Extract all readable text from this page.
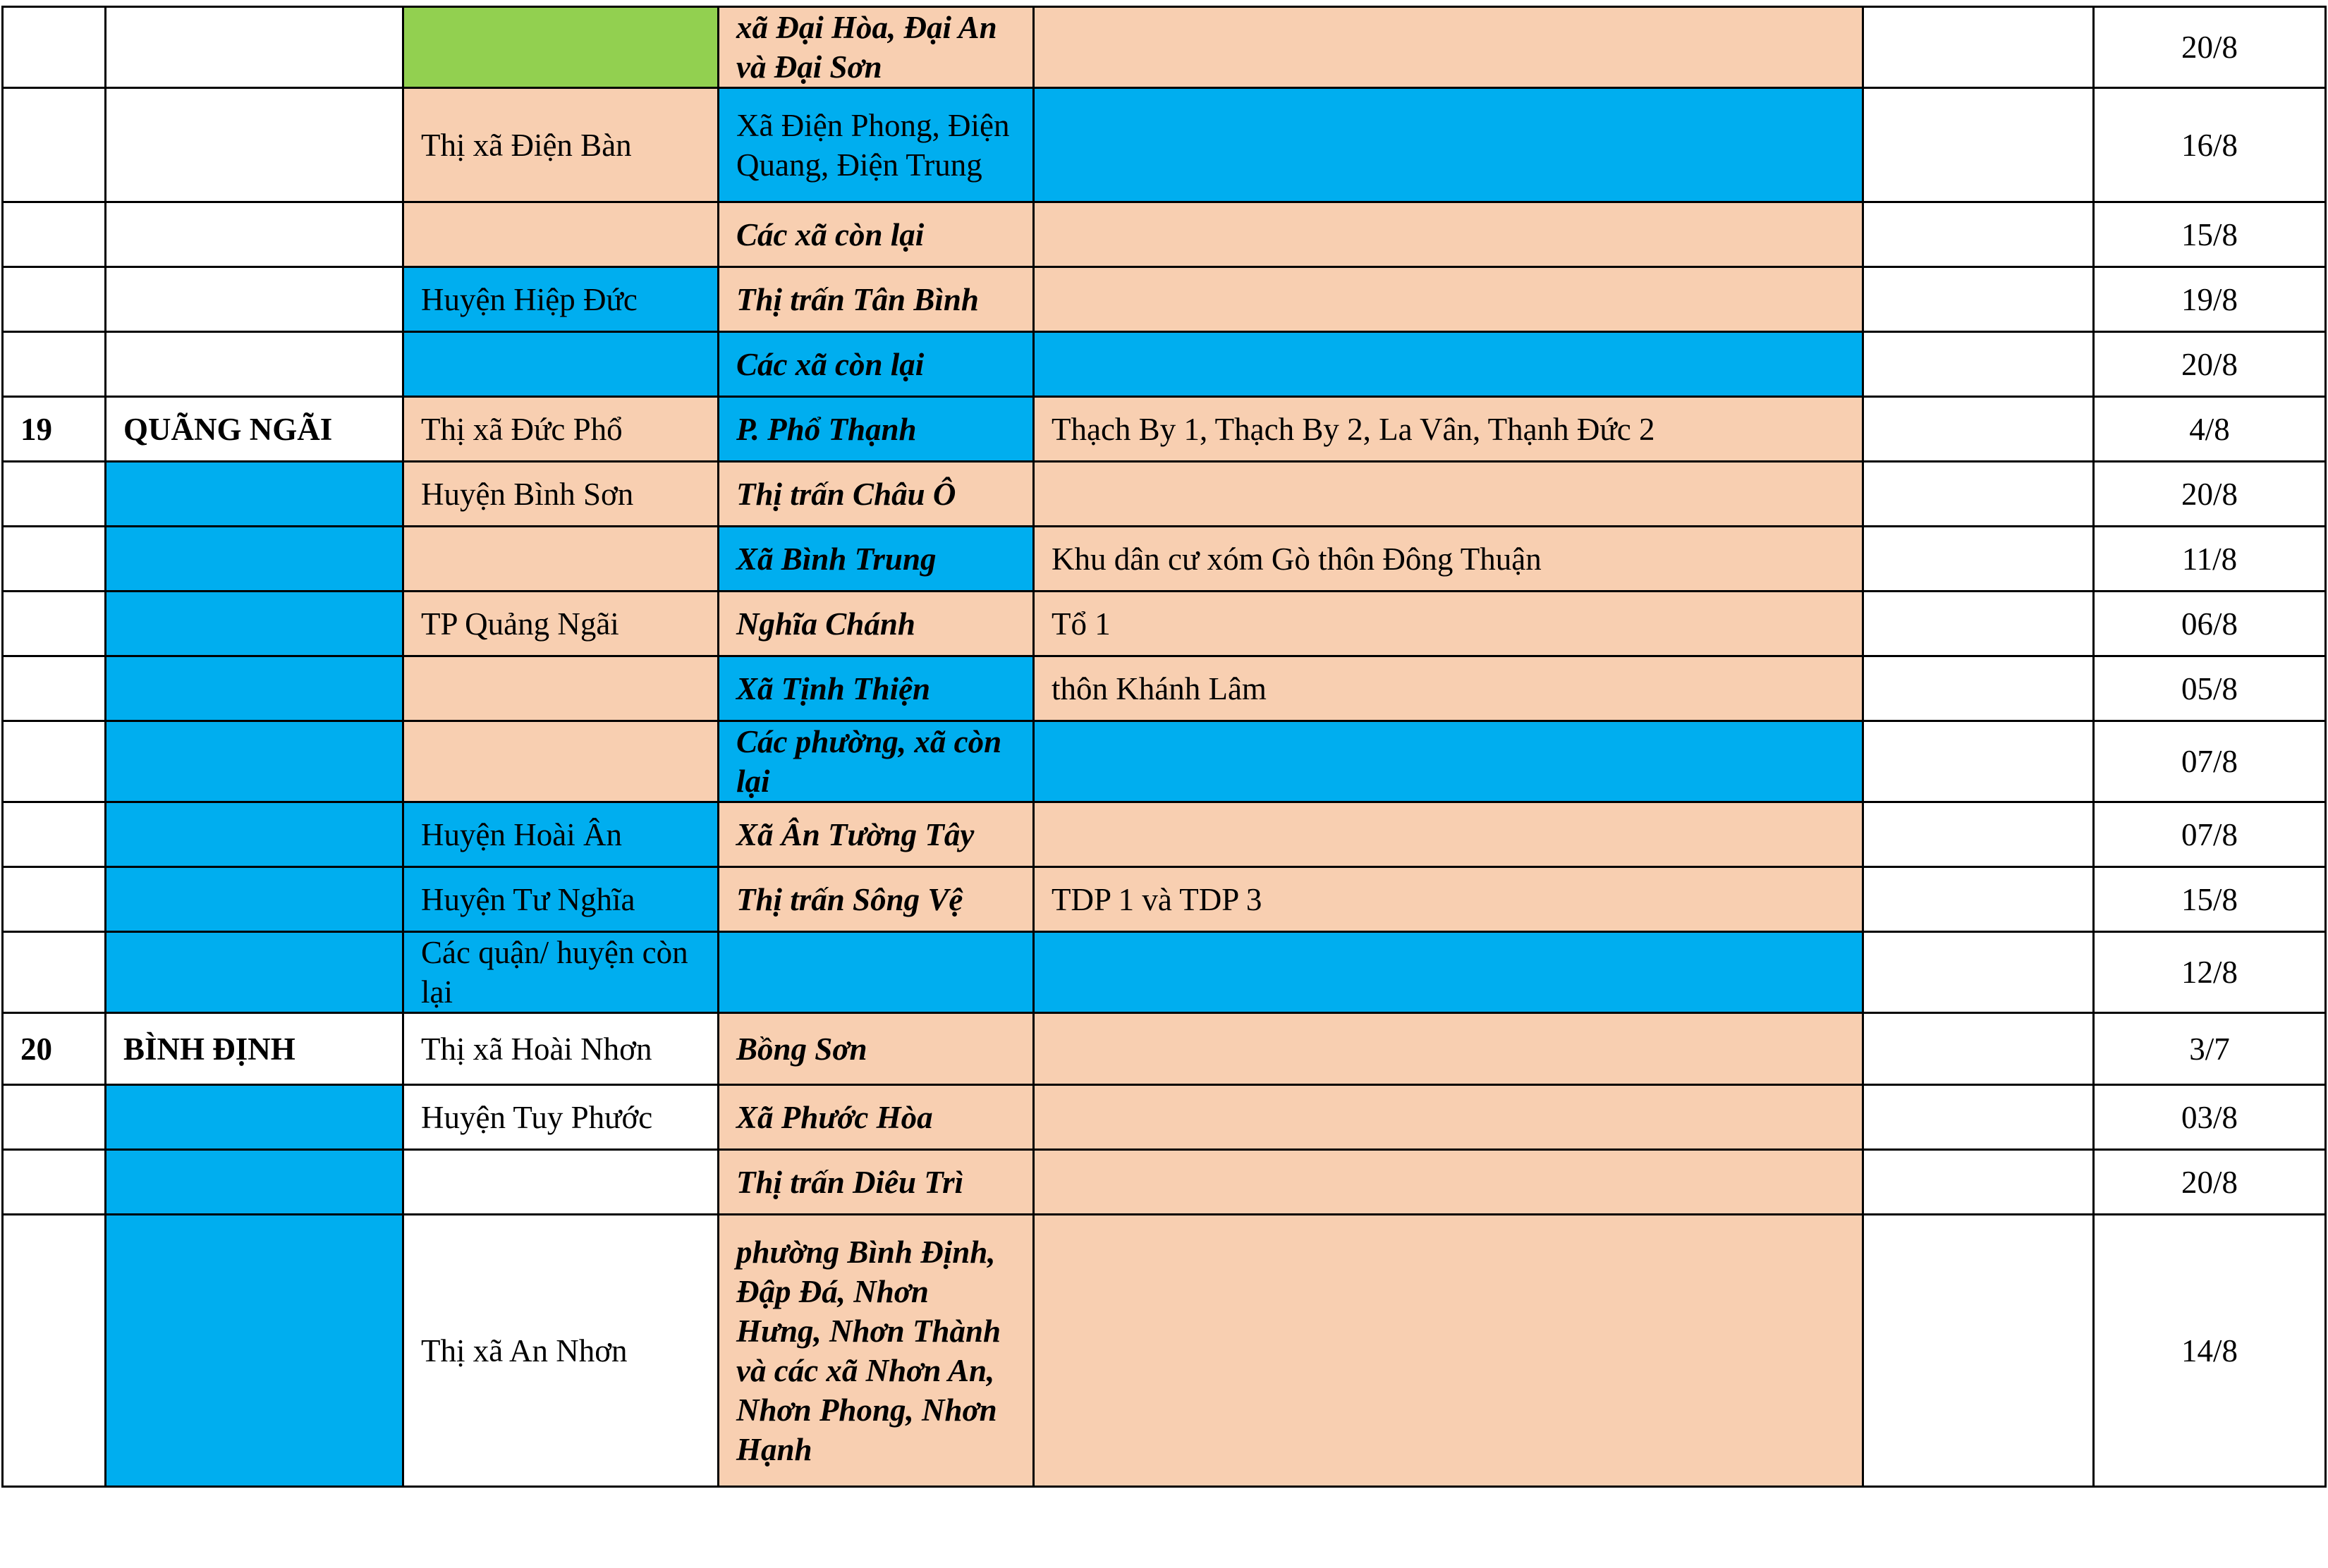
			xã Đại Hòa, Đại An và Đại Sơn			20/8
		Thị xã Điện Bàn	Xã Điện Phong, Điện Quang, Điện Trung			16/8
			Các xã còn lại			15/8
		Huyện Hiệp Đức	Thị trấn Tân Bình			19/8
			Các xã còn lại			20/8
19	QUÃNG NGÃI	Thị xã Đức Phổ	P. Phổ Thạnh	Thạch By 1, Thạch By 2, La Vân, Thạnh Đức 2		4/8
		Huyện Bình Sơn	Thị trấn Châu Ô			20/8
			Xã Bình Trung	Khu dân cư xóm Gò thôn Đông Thuận		11/8
		TP Quảng Ngãi	Nghĩa Chánh	Tổ 1		06/8
			Xã Tịnh Thiện	thôn Khánh Lâm		05/8
			Các phường, xã còn lại			07/8
		Huyện Hoài Ân	Xã Ân Tường Tây			07/8
		Huyện Tư Nghĩa	Thị trấn Sông Vệ	TDP 1 và TDP 3		15/8
		Các quận/ huyện còn lại				12/8
20	BÌNH ĐỊNH	Thị xã Hoài Nhơn	Bồng Sơn			3/7
		Huyện Tuy Phước	Xã Phước Hòa			03/8
			Thị trấn Diêu Trì			20/8
		Thị xã An Nhơn	phường Bình Định, Đập Đá, Nhơn Hưng, Nhơn Thành và các xã Nhơn An, Nhơn Phong, Nhơn Hạnh			14/8
